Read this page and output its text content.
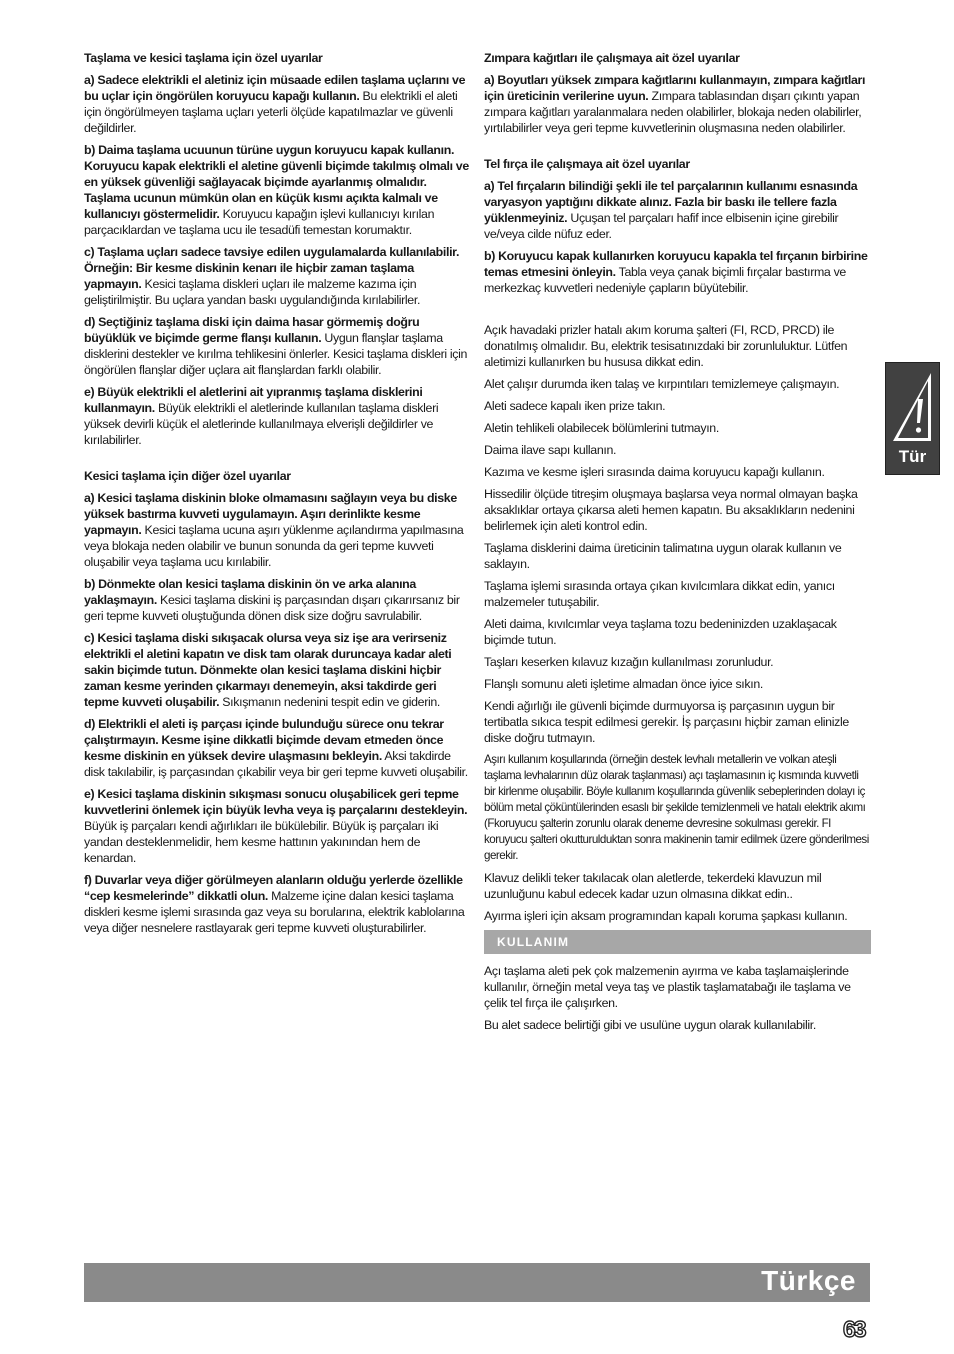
Taşlama ve kesici taşlama için özel uyarılar

a) Sadece elektrikli el aletiniz için müsaade edilen taşlama uçlarını ve bu uçlar için öngörülen koruyucu kapağı kullanın. Bu elektrikli el aleti için öngörülmeyen taşlama uçları yeterli ölçüde kapatılmazlar ve güvenli değildirler.

b) Daima taşlama ucuunun türüne uygun koruyucu kapak kullanın. Koruyucu kapak elektrikli el aletine güvenli biçimde takılmış olmalı ve en yüksek güvenliği sağlayacak biçimde ayarlanmış olmalıdır. Taşlama ucunun mümkün olan en küçük kısmı açıkta kalmalı ve kullanıcıyı göstermelidir. Koruyucu kapağın işlevi kullanıcıyı kırılan parçacıklardan ve taşlama ucu ile tesadüfi temestan korumaktır.

c) Taşlama uçları sadece tavsiye edilen uygulamalarda kullanılabilir. Örneğin: Bir kesme diskinin kenarı ile hiçbir zaman taşlama yapmayın. Kesici taşlama diskleri uçları ile malzeme kazıma için geliştirilmiştir. Bu uçlara yandan baskı uygulandığında kırılabilirler.

d) Seçtiğiniz taşlama diski için daima hasar görmemiş doğru büyüklük ve biçimde germe flanşı kullanın. Uygun flanşlar taşlama disklerini destekler ve kırılma tehlikesini önlerler. Kesici taşlama diskleri için öngörülen flanşlar diğer uçlara ait flanşlardan farklı olabilir.

e) Büyük elektrikli el aletlerini ait yıpranmış taşlama disklerini kullanmayın. Büyük elektrikli el aletlerinde kullanılan taşlama diskleri yüksek devirli küçük el aletlerinde kullanılmaya elverişli değildirler ve kırılabilirler.

Kesici taşlama için diğer özel uyarılar

a) Kesici taşlama diskinin bloke olmamasını sağlayın veya bu diske yüksek bastırma kuvveti uygulamayın. Aşırı derinlikte kesme yapmayın. Kesici taşlama ucuna aşırı yüklenme açılandırma yapılmasına veya blokaja neden olabilir ve bunun sonunda da geri tepme kuvveti oluşabilir veya taşlama ucu kırılabilir.

b) Dönmekte olan kesici taşlama diskinin ön ve arka alanına yaklaşmayın. Kesici taşlama diskini iş parçasından dışarı çıkarırsanız bir geri tepme kuvveti oluştuğunda dönen disk size doğru savrulabilir.

c) Kesici taşlama diski sıkışacak olursa veya siz işe ara verirseniz elektrikli el aletini kapatın ve disk tam olarak duruncaya kadar aleti sakin biçimde tutun. Dönmekte olan kesici taşlama diskini hiçbir zaman kesme yerinden çıkarmayı denemeyin, aksi takdirde geri tepme kuvveti oluşabilir. Sıkışmanın nedenini tespit edin ve giderin.

d) Elektrikli el aleti iş parçası içinde bulunduğu sürece onu tekrar çalıştırmayın. Kesme işine dikkatli biçimde devam etmeden önce kesme diskinin en yüksek devire ulaşmasını bekleyin. Aksi takdirde disk takılabilir, iş parçasından çıkabilir veya bir geri tepme kuvveti oluşabilir.

e) Kesici taşlama diskinin sıkışması sonucu oluşabilicek geri tepme kuvvetlerini önlemek için büyük levha veya iş parçalarını destekleyin. Büyük iş parçaları kendi ağırlıkları ile bükülebilir. Büyük iş parçaları iki yandan desteklenmelidir, hem kesme hattının yakınından hem de kenardan.

f) Duvarlar veya diğer görülmeyen alanların olduğu yerlerde özellikle “cep kesmelerinde” dikkatli olun. Malzeme içine dalan kesici taşlama diskleri kesme işlemi sırasında gaz veya su borularına, elektrik kablolarına veya diğer nesnelere rastlayarak geri tepme kuvveti oluşturabilirler.

Zımpara kağıtları ile çalışmaya ait özel uyarılar

a) Boyutları yüksek zımpara kağıtlarını kullanmayın, zımpara kağıtları için üreticinin verilerine uyun. Zımpara tablasından dışarı çıkıntı yapan zımpara kağıtları yaralanmalara neden olabilirler, blokaja neden olabilirler, yırtılabilirler veya geri tepme kuvvetlerinin oluşmasına neden olabilirler.

Tel fırça ile çalışmaya ait özel uyarılar

a) Tel fırçaların bilindiği şekli ile tel parçalarının kullanımı esnasında varyasyon yaptığını dikkate alınız. Fazla bir baskı ile tellere fazla yüklenmeyiniz. Uçuşan tel parçaları hafif ince elbisenin içine girebilir ve/veya cilde nüfuz eder.

b) Koruyucu kapak kullanırken koruyucu kapakla tel fırçanın birbirine temas etmesini önleyin. Tabla veya çanak biçimli fırçalar bastırma ve merkezkaç kuvvetleri nedeniyle çapların büyütebilir.

Açık havadaki prizler hatalı akım koruma şalteri (FI, RCD, PRCD) ile donatılmış olmalıdır. Bu, elektrik tesisatınızdaki bir zorunluluktur. Lütfen aletimizi kullanırken bu hususa dikkat edin.

Alet çalışır durumda iken talaş ve kırpıntıları temizlemeye çalışmayın.

Aleti sadece kapalı iken prize takın.

Aletin tehlikeli olabilecek bölümlerini tutmayın.

Daima ilave sapı kullanın.

Kazıma ve kesme işleri sırasında daima koruyucu kapağı kullanın.

Hissedilir ölçüde titreşim oluşmaya başlarsa veya normal olmayan başka aksaklıklar ortaya çıkarsa aleti hemen kapatın. Bu aksaklıkların nedenini belirlemek için aleti kontrol edin.

Taşlama disklerini daima üreticinin talimatına uygun olarak kullanın ve saklayın.

Taşlama işlemi sırasında ortaya çıkan kıvılcımlara dikkat edin, yanıcı malzemeler tutuşabilir.

Aleti daima, kıvılcımlar veya taşlama tozu bedeninizden uzaklaşacak biçimde tutun.

Taşları keserken kılavuz kızağın kullanılması zorunludur.

Flanşlı somunu aleti işletime almadan önce iyice sıkın.

Kendi ağırlığı ile güvenli biçimde durmuyorsa iş parçasının uygun bir tertibatla sıkıca tespit edilmesi gerekir. İş parçasını hiçbir zaman elinizle diske doğru tutmayın.

Aşırı kullanım koşullarında (örneğin destek levhalı metallerin ve volkan ateşli taşlama levhalarının düz olarak taşlanması) açı taşlamasının iç kısmında kuvvetli bir kirlenme oluşabilir. Böyle kullanım koşullarında güvenlik sebeplerinden dolayı iç bölüm metal çöküntülerinden esaslı bir şekilde temizlenmeli ve hatalı elektrik akımı (Fkoruyucu şalterin zorunlu olarak deneme devresine sokulması gerekir. FI koruyucu şalteri okutturulduktan sonra makinenin tamir edilmek üzere gönderilmesi gerekir.

Klavuz delikli teker takılacak olan aletlerde, tekerdeki klavuzun mil uzunluğunu kabul edecek kadar uzun olmasına dikkat edin..

Ayırma işleri için aksam programından kapalı koruma şapkası kullanın.

KULLANIM

Açı taşlama aleti pek çok malzemenin ayırma ve kaba taşlamaişlerinde kullanılır, örneğin metal veya taş ve plastik taşlamatabağı ile taşlama ve çelik tel fırça ile çalışırken.

Bu alet sadece belirtiği gibi ve usulüne uygun olarak kullanılabilir.

Tür
Türkçe
63
